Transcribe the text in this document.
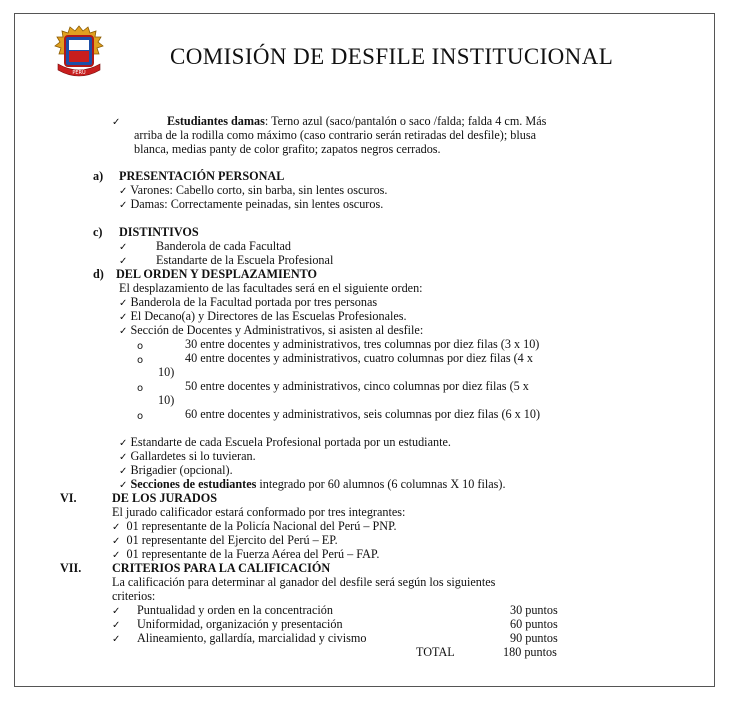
PERÚ
COMISIÓN DE DESFILE INSTITUCIONAL
✓	Estudiantes damas: Terno azul (saco/pantalón o saco /falda; falda 4 cm. Más
arriba de la rodilla como máximo (caso contrario serán retiradas del desfile); blusa
blanca, medias panty de color grafito; zapatos negros cerrados.
a) PRESENTACIÓN PERSONAL
✓ Varones: Cabello corto, sin barba, sin lentes oscuros.
✓ Damas: Correctamente peinadas, sin lentes oscuros.
c) DISTINTIVOS
✓ Banderola de cada Facultad
✓ Estandarte de la Escuela Profesional
d) DEL ORDEN Y DESPLAZAMIENTO
El desplazamiento de las facultades será en el siguiente orden:
✓ Banderola de la Facultad portada por tres personas
✓ El Decano(a) y Directores de las Escuelas Profesionales.
✓ Sección de Docentes y Administrativos, si asisten al desfile:
o	30 entre docentes y administrativos, tres columnas por diez filas (3 x 10)
o	40 entre docentes y administrativos, cuatro columnas por diez filas (4 x
10)
o	50 entre docentes y administrativos, cinco columnas por diez filas (5 x
10)
o	60 entre docentes y administrativos, seis columnas por diez filas (6 x 10)
✓ Estandarte de cada Escuela Profesional portada por un estudiante.
✓ Gallardetes si lo tuvieran.
✓ Brigadier (opcional).
✓ Secciones de estudiantes integrado por 60 alumnos (6 columnas X 10 filas).
VI.	DE LOS JURADOS
El jurado calificador estará conformado por tres integrantes:
✓ 01 representante de la Policía Nacional del Perú – PNP.
✓ 01 representante del Ejercito del Perú – EP.
✓ 01 representante de la Fuerza Aérea del Perú – FAP.
VII.	CRITERIOS PARA LA CALIFICACIÓN
La calificación para determinar al ganador del desfile será según los siguientes
criterios:
✓ Puntualidad y orden en la concentración	30 puntos
✓ Uniformidad, organización y presentación	60 puntos
✓ Alineamiento, gallardía, marcialidad y civismo	90 puntos
TOTAL	180 puntos
